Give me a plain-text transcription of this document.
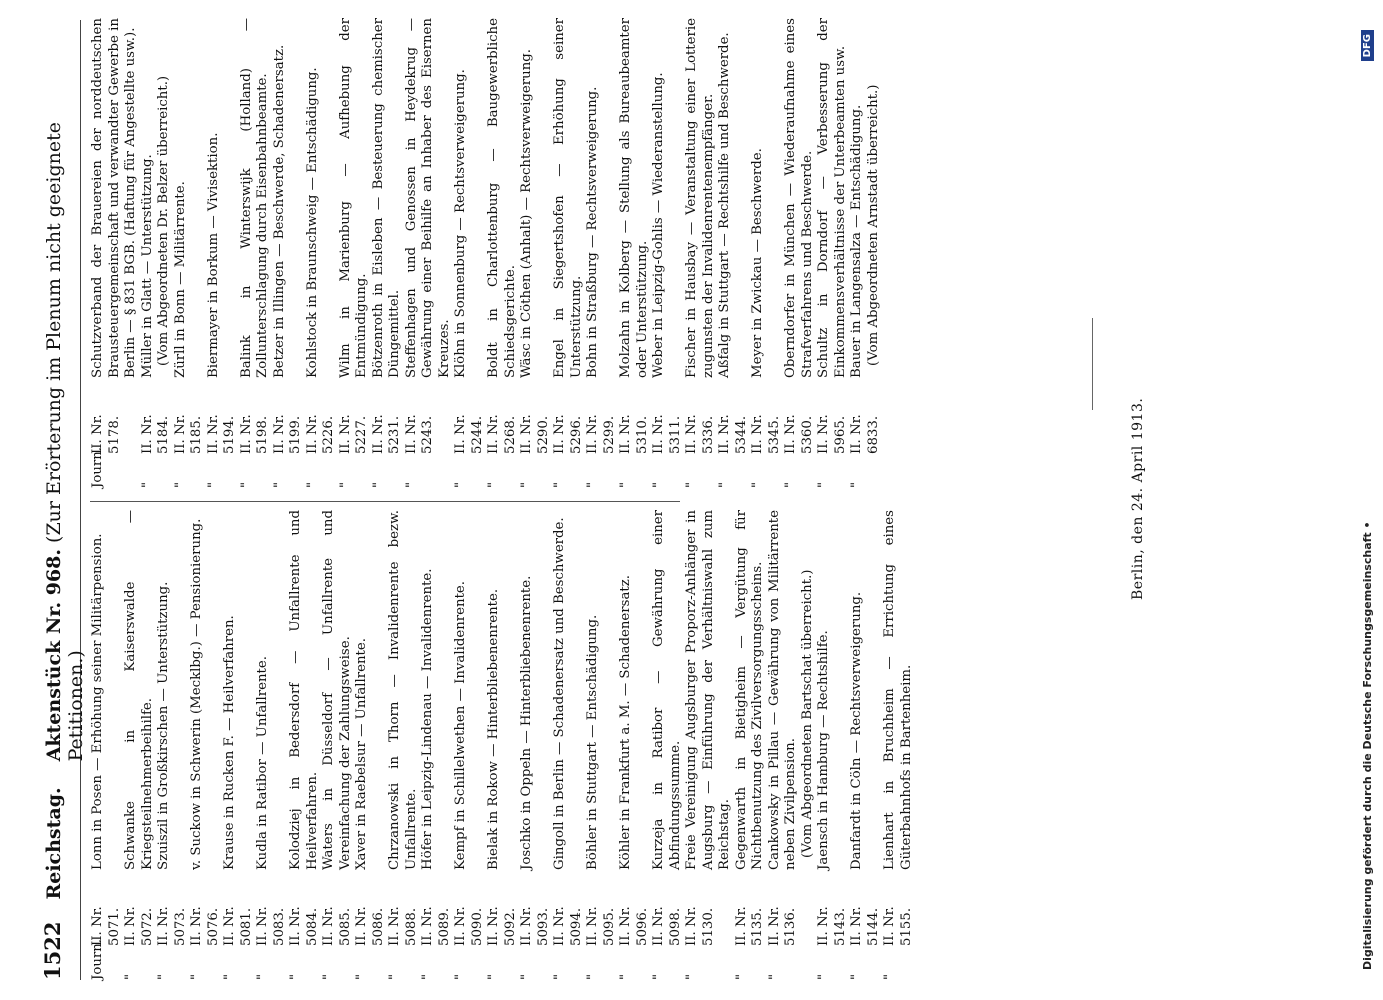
1522
Reichstag.
Aktenstück Nr. 968. (Zur Erörterung im Plenum nicht geeignete Petitionen.)
Journ.
II. Nr. 5071.
Lonn in Posen — Erhöhung seiner Militärpension.
"
II. Nr. 5072.
Schwanke in Kaiserswalde — Kriegsteilnehmerbeihilfe.
"
II. Nr. 5073.
Szuiszil in Großkirschen — Unterstützung.
"
II. Nr. 5076.
v. Suckow in Schwerin (Mecklbg.) — Pensionierung.
"
II. Nr. 5081.
Krause in Rucken F. — Heilverfahren.
"
II. Nr. 5083.
Kudla in Ratibor — Unfallrente.
"
II. Nr. 5084.
Kolodziej in Bedersdorf — Unfallrente und Heilverfahren.
"
II. Nr. 5085.
Waters in Düsseldorf — Unfallrente und Vereinfachung der Zahlungsweise.
"
II. Nr. 5086.
Xaver in Raebelsur — Unfallrente.
"
II. Nr. 5088.
Chrzanowski in Thorn — Invalidenrente bezw. Unfallrente.
"
II. Nr. 5089.
Höfer in Leipzig-Lindenau — Invalidenrente.
"
II. Nr. 5090.
Kempf in Schillelwethen — Invalidenrente.
"
II. Nr. 5092.
Bielak in Rokow — Hinterbliebenenrente.
"
II. Nr. 5093.
Joschko in Oppeln — Hinterbliebenenrente.
"
II. Nr. 5094.
Gingoll in Berlin — Schadenersatz und Beschwerde.
"
II. Nr. 5095.
Böhler in Stuttgart — Entschädigung.
"
II. Nr. 5096.
Köhler in Frankfurt a. M. — Schadenersatz.
"
II. Nr. 5098.
Kurzeja in Ratibor — Gewährung einer Abfindungssumme.
"
II. Nr. 5130.
Freie Vereinigung Augsburger Proporz-Anhänger in Augsburg — Einführung der Verhältniswahl zum Reichstag.
"
II. Nr. 5135.
Gegenwarth in Bietigheim — Vergütung für Nichtbenutzung des Zivilversorgungsscheins.
"
II. Nr. 5136.
Cankowsky in Pillau — Gewährung von Militärrente neben Zivilpension. (Vom Abgeordneten Bartschat überreicht.)
"
II. Nr. 5143.
Jaensch in Hamburg — Rechtshilfe.
"
II. Nr. 5144.
Danfardt in Cöln — Rechtsverweigerung.
"
II. Nr. 5155.
Lienhart in Bruchheim — Errichtung eines Güterbahnhofs in Bartenheim.
Journ.
II. Nr. 5178.
Schutzverband der Brauereien der norddeutschen Brausteuergemeinschaft und verwandter Gewerbe in Berlin — § 831 BGB. (Haftung für Angestellte usw.).
"
II. Nr. 5184.
Müller in Glatt — Unterstützung. (Vom Abgeordneten Dr. Belzer überreicht.)
"
II. Nr. 5185.
Zürll in Bonn — Militärrente.
"
II. Nr. 5194.
Biermayer in Borkum — Vivisektion.
"
II. Nr. 5198.
Balink in Winterswijk (Holland) — Zollunterschlagung durch Eisenbahnbeamte.
"
II. Nr. 5199.
Betzer in Illingen — Beschwerde, Schadenersatz.
"
II. Nr. 5226.
Kohlstock in Braunschweig — Entschädigung.
"
II. Nr. 5227.
Wilm in Marienburg — Aufhebung der Entmündigung.
"
II. Nr. 5231.
Bötzenroth in Eisleben — Besteuerung chemischer Düngemittel.
"
II. Nr. 5243.
Steffenhagen und Genossen in Heydekrug — Gewährung einer Beihilfe an Inhaber des Eisernen Kreuzes.
"
II. Nr. 5244.
Klöhn in Sonnenburg — Rechtsverweigerung.
"
II. Nr. 5268.
Boldt in Charlottenburg — Baugewerbliche Schiedsgerichte.
"
II. Nr. 5290.
Wäsc in Cöthen (Anhalt) — Rechtsverweigerung.
"
II. Nr. 5296.
Engel in Siegertshofen — Erhöhung seiner Unterstützung.
"
II. Nr. 5299.
Bohn in Straßburg — Rechtsverweigerung.
"
II. Nr. 5310.
Molzahn in Kolberg — Stellung als Bureaubeamter oder Unterstützung.
"
II. Nr. 5311.
Weber in Leipzig-Gohlis — Wiederanstellung.
"
II. Nr. 5336.
Fischer in Hausbay — Veranstaltung einer Lotterie zugunsten der Invalidenrentenempfänger.
"
II. Nr. 5344.
Aßfalg in Stuttgart — Rechtshilfe und Beschwerde.
"
II. Nr. 5345.
Meyer in Zwickau — Beschwerde.
"
II. Nr. 5360.
Oberndorfer in München — Wiederaufnahme eines Strafverfahrens und Beschwerde.
"
II. Nr. 5965.
Schultz in Dorndorf — Verbesserung der Einkommensverhältnisse der Unterbeamten usw.
"
II. Nr. 6833.
Bauer in Langensalza — Entschädigung. (Vom Abgeordneten Arnstadt überreicht.)
Berlin, den 24. April 1913.
Digitalisierung gefördert durch die Deutsche Forschungsgemeinschaft •
DFG
